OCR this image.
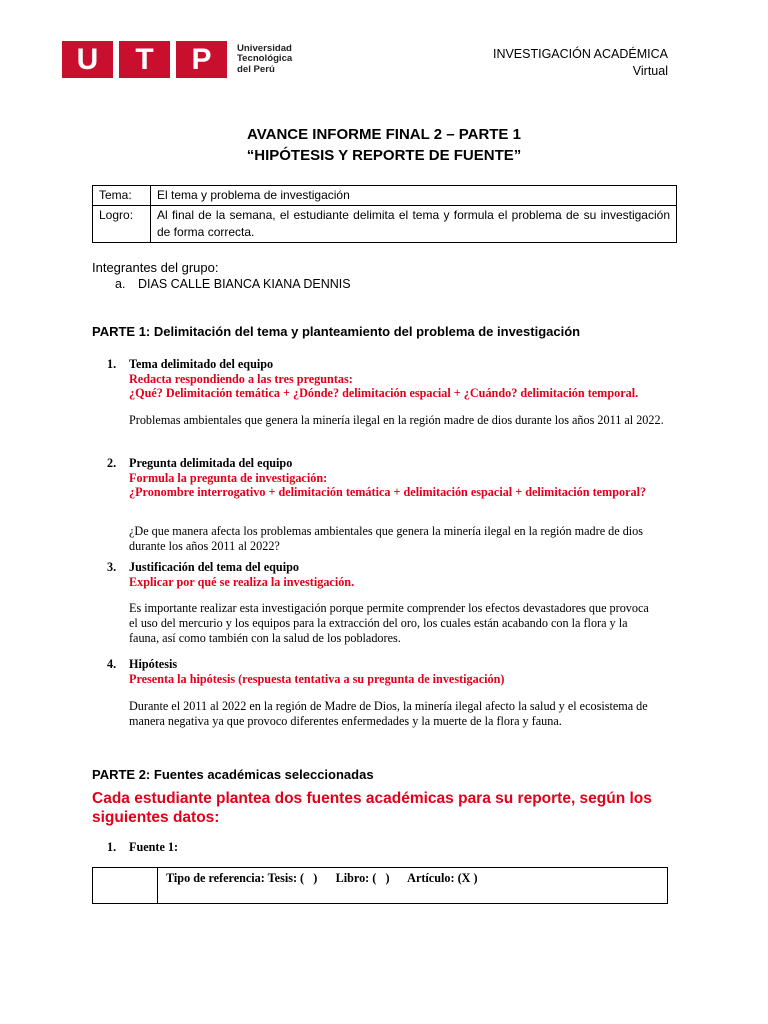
U	T	P	Universidad
Tecnológica
del Perú
INVESTIGACIÓN ACADÉMICA
Virtual
AVANCE INFORME FINAL 2 – PARTE 1
“HIPÓTESIS Y REPORTE DE FUENTE”
Tema:	El tema y problema de investigación
Logro:	Al final de la semana, el estudiante delimita el tema y formula el problema de su investigación de forma correcta.
Integrantes del grupo:
a. DIAS CALLE BIANCA KIANA DENNIS
PARTE 1: Delimitación del tema y planteamiento del problema de investigación
1. Tema delimitado del equipo
Redacta respondiendo a las tres preguntas:
¿Qué? Delimitación temática + ¿Dónde? delimitación espacial + ¿Cuándo? delimitación temporal.
Problemas ambientales que genera la minería ilegal en la región madre de dios durante los años 2011 al 2022.
2. Pregunta delimitada del equipo
Formula la pregunta de investigación:
¿Pronombre interrogativo + delimitación temática + delimitación espacial + delimitación temporal?
¿De que manera afecta los problemas ambientales que genera la minería ilegal en la región madre de dios durante los años 2011 al 2022?
3. Justificación del tema del equipo
Explicar por qué se realiza la investigación.
Es importante realizar esta investigación porque permite comprender los efectos devastadores que provoca el uso del mercurio y los equipos para la extracción del oro, los cuales están acabando con la flora y la fauna, así como también con la salud de los pobladores.
4. Hipótesis
Presenta la hipótesis (respuesta tentativa a su pregunta de investigación)
Durante el 2011 al 2022 en la región de Madre de Dios, la minería ilegal afecto la salud y el ecosistema de manera negativa ya que provoco diferentes enfermedades y la muerte de la flora y fauna.
PARTE 2: Fuentes académicas seleccionadas
Cada estudiante plantea dos fuentes académicas para su reporte, según los siguientes datos:
1. Fuente 1:
	Tipo de referencia: Tesis: (   )      Libro: (   )      Artículo: (X )
